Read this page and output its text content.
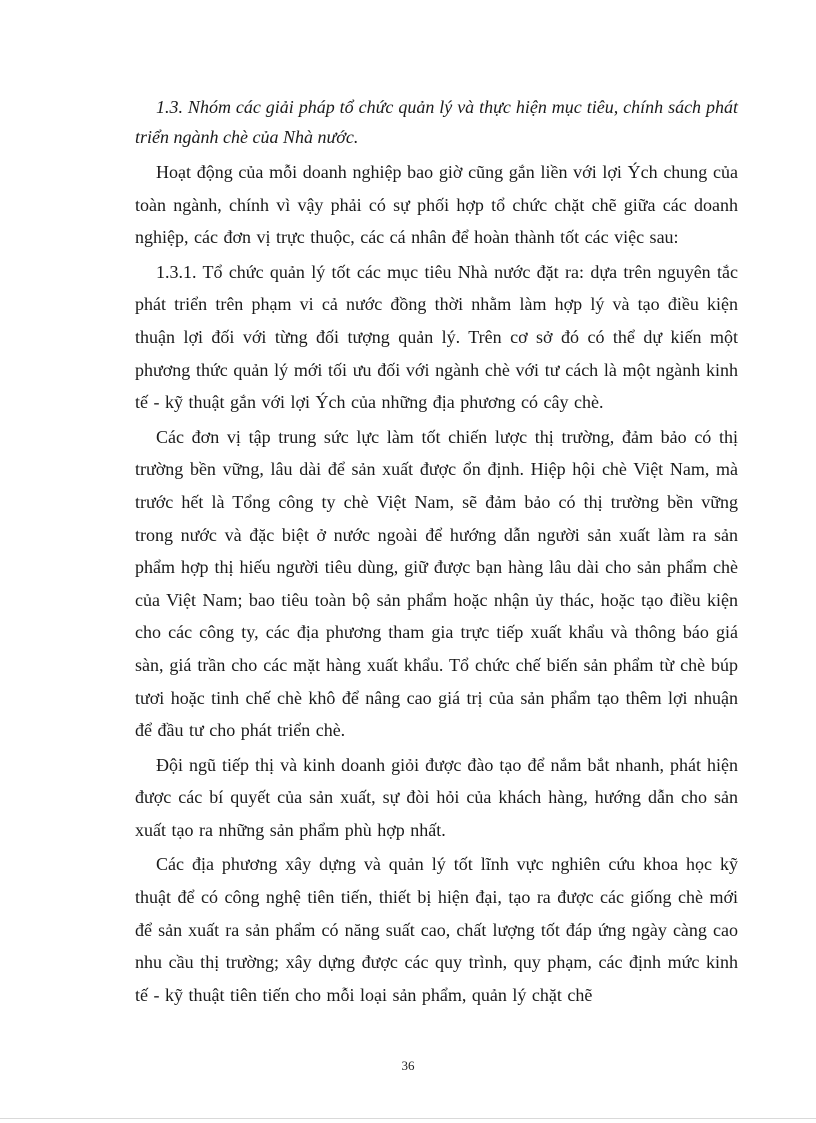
1.3. Nhóm các giải pháp tổ chức quản lý và thực hiện mục tiêu, chính sách phát triển ngành chè của Nhà nước.

Hoạt động của mỗi doanh nghiệp bao giờ cũng gắn liền với lợi Ých chung của toàn ngành, chính vì vậy phải có sự phối hợp tổ chức chặt chẽ giữa các doanh nghiệp, các đơn vị trực thuộc, các cá nhân để hoàn thành tốt các việc sau:

1.3.1. Tổ chức quản lý tốt các mục tiêu Nhà nước đặt ra: dựa trên nguyên tắc phát triển trên phạm vi cả nước đồng thời nhằm làm hợp lý và tạo điều kiện thuận lợi đối với từng đối tượng quản lý. Trên cơ sở đó có thể dự kiến một phương thức quản lý mới tối ưu đối với ngành chè với tư cách là một ngành kinh tế - kỹ thuật gắn với lợi Ých của những địa phương có cây chè.

Các đơn vị tập trung sức lực làm tốt chiến lược thị trường, đảm bảo có thị trường bền vững, lâu dài để sản xuất được ổn định. Hiệp hội chè Việt Nam, mà trước hết là Tổng công ty chè Việt Nam, sẽ đảm bảo có thị trường bền vững trong nước và đặc biệt ở nước ngoài để hướng dẫn người sản xuất làm ra sản phẩm hợp thị hiếu người tiêu dùng, giữ được bạn hàng lâu dài cho sản phẩm chè của Việt Nam; bao tiêu toàn bộ sản phẩm hoặc nhận ủy thác, hoặc tạo điều kiện cho các công ty, các địa phương tham gia trực tiếp xuất khẩu và thông báo giá sàn, giá trần cho các mặt hàng xuất khẩu. Tổ chức chế biến sản phẩm từ chè búp tươi hoặc tinh chế chè khô để nâng cao giá trị của sản phẩm tạo thêm lợi nhuận để đầu tư cho phát triển chè.

Đội ngũ tiếp thị và kinh doanh giỏi được đào tạo để nắm bắt nhanh, phát hiện được các bí quyết của sản xuất, sự đòi hỏi của khách hàng, hướng dẫn cho sản xuất tạo ra những sản phẩm phù hợp nhất.

Các địa phương xây dựng và quản lý tốt lĩnh vực nghiên cứu khoa học kỹ thuật để có công nghệ tiên tiến, thiết bị hiện đại, tạo ra được các giống chè mới để sản xuất ra sản phẩm có năng suất cao, chất lượng tốt đáp ứng ngày càng cao nhu cầu thị trường; xây dựng được các quy trình, quy phạm, các định mức kinh tế - kỹ thuật tiên tiến cho mỗi loại sản phẩm, quản lý chặt chẽ

36
